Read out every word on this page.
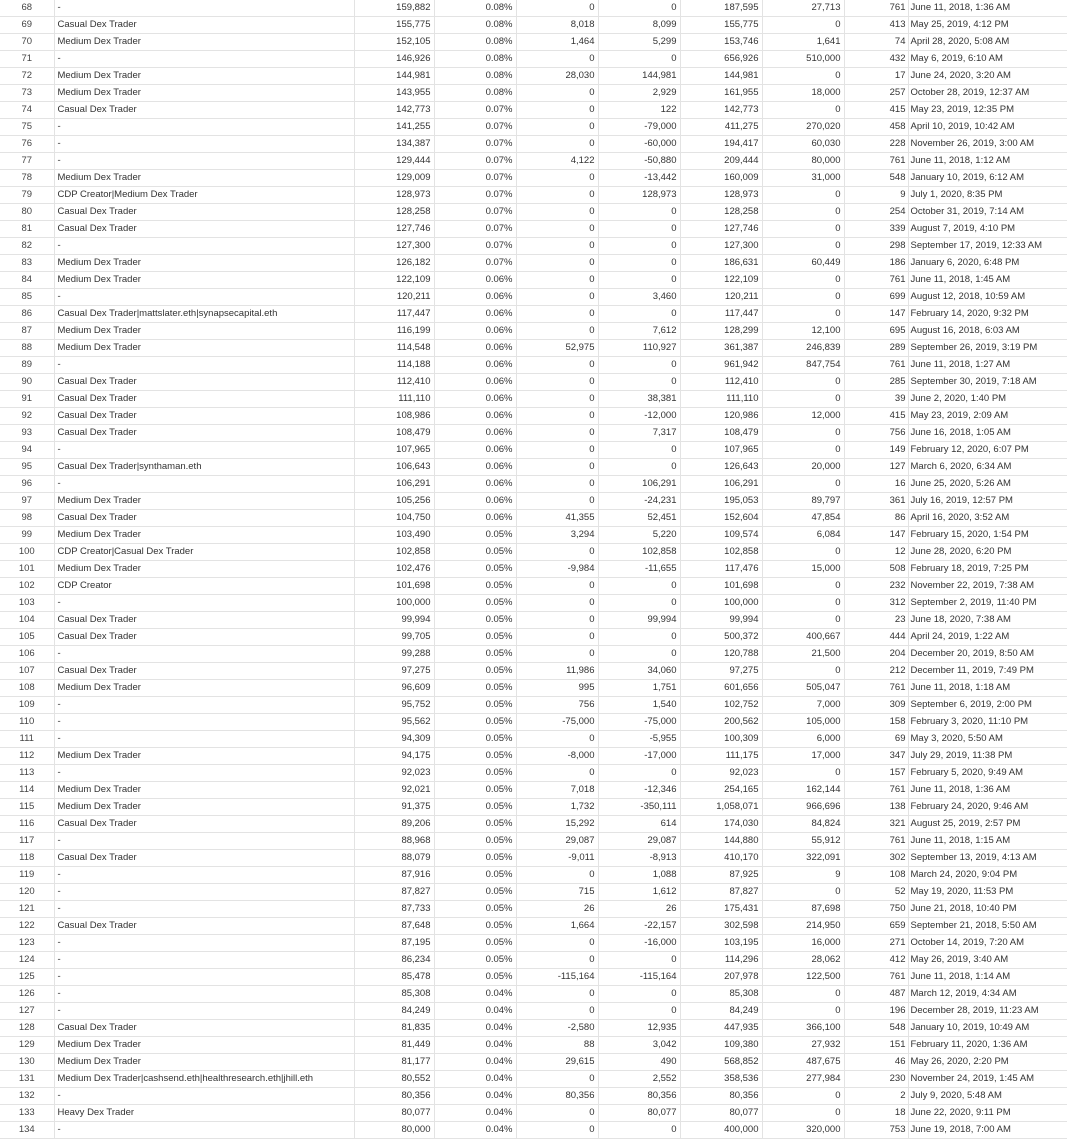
68	-	159,882	0.08%	0	0	187,595	27,713	761	June 11, 2018, 1:36 AM
69	Casual Dex Trader	155,775	0.08%	8,018	8,099	155,775	0	413	May 25, 2019, 4:12 PM
70	Medium Dex Trader	152,105	0.08%	1,464	5,299	153,746	1,641	74	April 28, 2020, 5:08 AM
71	-	146,926	0.08%	0	0	656,926	510,000	432	May 6, 2019, 6:10 AM
72	Medium Dex Trader	144,981	0.08%	28,030	144,981	144,981	0	17	June 24, 2020, 3:20 AM
73	Medium Dex Trader	143,955	0.08%	0	2,929	161,955	18,000	257	October 28, 2019, 12:37 AM
74	Casual Dex Trader	142,773	0.07%	0	122	142,773	0	415	May 23, 2019, 12:35 PM
75	-	141,255	0.07%	0	-79,000	411,275	270,020	458	April 10, 2019, 10:42 AM
76	-	134,387	0.07%	0	-60,000	194,417	60,030	228	November 26, 2019, 3:00 AM
77	-	129,444	0.07%	4,122	-50,880	209,444	80,000	761	June 11, 2018, 1:12 AM
78	Medium Dex Trader	129,009	0.07%	0	-13,442	160,009	31,000	548	January 10, 2019, 6:12 AM
79	CDP Creator|Medium Dex Trader	128,973	0.07%	0	128,973	128,973	0	9	July 1, 2020, 8:35 PM
80	Casual Dex Trader	128,258	0.07%	0	0	128,258	0	254	October 31, 2019, 7:14 AM
81	Casual Dex Trader	127,746	0.07%	0	0	127,746	0	339	August 7, 2019, 4:10 PM
82	-	127,300	0.07%	0	0	127,300	0	298	September 17, 2019, 12:33 AM
83	Medium Dex Trader	126,182	0.07%	0	0	186,631	60,449	186	January 6, 2020, 6:48 PM
84	Medium Dex Trader	122,109	0.06%	0	0	122,109	0	761	June 11, 2018, 1:45 AM
85	-	120,211	0.06%	0	3,460	120,211	0	699	August 12, 2018, 10:59 AM
86	Casual Dex Trader|mattslater.eth|synapsecapital.eth	117,447	0.06%	0	0	117,447	0	147	February 14, 2020, 9:32 PM
87	Medium Dex Trader	116,199	0.06%	0	7,612	128,299	12,100	695	August 16, 2018, 6:03 AM
88	Medium Dex Trader	114,548	0.06%	52,975	110,927	361,387	246,839	289	September 26, 2019, 3:19 PM
89	-	114,188	0.06%	0	0	961,942	847,754	761	June 11, 2018, 1:27 AM
90	Casual Dex Trader	112,410	0.06%	0	0	112,410	0	285	September 30, 2019, 7:18 AM
91	Casual Dex Trader	111,110	0.06%	0	38,381	111,110	0	39	June 2, 2020, 1:40 PM
92	Casual Dex Trader	108,986	0.06%	0	-12,000	120,986	12,000	415	May 23, 2019, 2:09 AM
93	Casual Dex Trader	108,479	0.06%	0	7,317	108,479	0	756	June 16, 2018, 1:05 AM
94	-	107,965	0.06%	0	0	107,965	0	149	February 12, 2020, 6:07 PM
95	Casual Dex Trader|synthaman.eth	106,643	0.06%	0	0	126,643	20,000	127	March 6, 2020, 6:34 AM
96	-	106,291	0.06%	0	106,291	106,291	0	16	June 25, 2020, 5:26 AM
97	Medium Dex Trader	105,256	0.06%	0	-24,231	195,053	89,797	361	July 16, 2019, 12:57 PM
98	Casual Dex Trader	104,750	0.06%	41,355	52,451	152,604	47,854	86	April 16, 2020, 3:52 AM
99	Medium Dex Trader	103,490	0.05%	3,294	5,220	109,574	6,084	147	February 15, 2020, 1:54 PM
100	CDP Creator|Casual Dex Trader	102,858	0.05%	0	102,858	102,858	0	12	June 28, 2020, 6:20 PM
101	Medium Dex Trader	102,476	0.05%	-9,984	-11,655	117,476	15,000	508	February 18, 2019, 7:25 PM
102	CDP Creator	101,698	0.05%	0	0	101,698	0	232	November 22, 2019, 7:38 AM
103	-	100,000	0.05%	0	0	100,000	0	312	September 2, 2019, 11:40 PM
104	Casual Dex Trader	99,994	0.05%	0	99,994	99,994	0	23	June 18, 2020, 7:38 AM
105	Casual Dex Trader	99,705	0.05%	0	0	500,372	400,667	444	April 24, 2019, 1:22 AM
106	-	99,288	0.05%	0	0	120,788	21,500	204	December 20, 2019, 8:50 AM
107	Casual Dex Trader	97,275	0.05%	11,986	34,060	97,275	0	212	December 11, 2019, 7:49 PM
108	Medium Dex Trader	96,609	0.05%	995	1,751	601,656	505,047	761	June 11, 2018, 1:18 AM
109	-	95,752	0.05%	756	1,540	102,752	7,000	309	September 6, 2019, 2:00 PM
110	-	95,562	0.05%	-75,000	-75,000	200,562	105,000	158	February 3, 2020, 11:10 PM
111	-	94,309	0.05%	0	-5,955	100,309	6,000	69	May 3, 2020, 5:50 AM
112	Medium Dex Trader	94,175	0.05%	-8,000	-17,000	111,175	17,000	347	July 29, 2019, 11:38 PM
113	-	92,023	0.05%	0	0	92,023	0	157	February 5, 2020, 9:49 AM
114	Medium Dex Trader	92,021	0.05%	7,018	-12,346	254,165	162,144	761	June 11, 2018, 1:36 AM
115	Medium Dex Trader	91,375	0.05%	1,732	-350,111	1,058,071	966,696	138	February 24, 2020, 9:46 AM
116	Casual Dex Trader	89,206	0.05%	15,292	614	174,030	84,824	321	August 25, 2019, 2:57 PM
117	-	88,968	0.05%	29,087	29,087	144,880	55,912	761	June 11, 2018, 1:15 AM
118	Casual Dex Trader	88,079	0.05%	-9,011	-8,913	410,170	322,091	302	September 13, 2019, 4:13 AM
119	-	87,916	0.05%	0	1,088	87,925	9	108	March 24, 2020, 9:04 PM
120	-	87,827	0.05%	715	1,612	87,827	0	52	May 19, 2020, 11:53 PM
121	-	87,733	0.05%	26	26	175,431	87,698	750	June 21, 2018, 10:40 PM
122	Casual Dex Trader	87,648	0.05%	1,664	-22,157	302,598	214,950	659	September 21, 2018, 5:50 AM
123	-	87,195	0.05%	0	-16,000	103,195	16,000	271	October 14, 2019, 7:20 AM
124	-	86,234	0.05%	0	0	114,296	28,062	412	May 26, 2019, 3:40 AM
125	-	85,478	0.05%	-115,164	-115,164	207,978	122,500	761	June 11, 2018, 1:14 AM
126	-	85,308	0.04%	0	0	85,308	0	487	March 12, 2019, 4:34 AM
127	-	84,249	0.04%	0	0	84,249	0	196	December 28, 2019, 11:23 AM
128	Casual Dex Trader	81,835	0.04%	-2,580	12,935	447,935	366,100	548	January 10, 2019, 10:49 AM
129	Medium Dex Trader	81,449	0.04%	88	3,042	109,380	27,932	151	February 11, 2020, 1:36 AM
130	Medium Dex Trader	81,177	0.04%	29,615	490	568,852	487,675	46	May 26, 2020, 2:20 PM
131	Medium Dex Trader|cashsend.eth|healthresearch.eth|jhill.eth	80,552	0.04%	0	2,552	358,536	277,984	230	November 24, 2019, 1:45 AM
132	-	80,356	0.04%	80,356	80,356	80,356	0	2	July 9, 2020, 5:48 AM
133	Heavy Dex Trader	80,077	0.04%	0	80,077	80,077	0	18	June 22, 2020, 9:11 PM
134	-	80,000	0.04%	0	0	400,000	320,000	753	June 19, 2018, 7:00 AM
